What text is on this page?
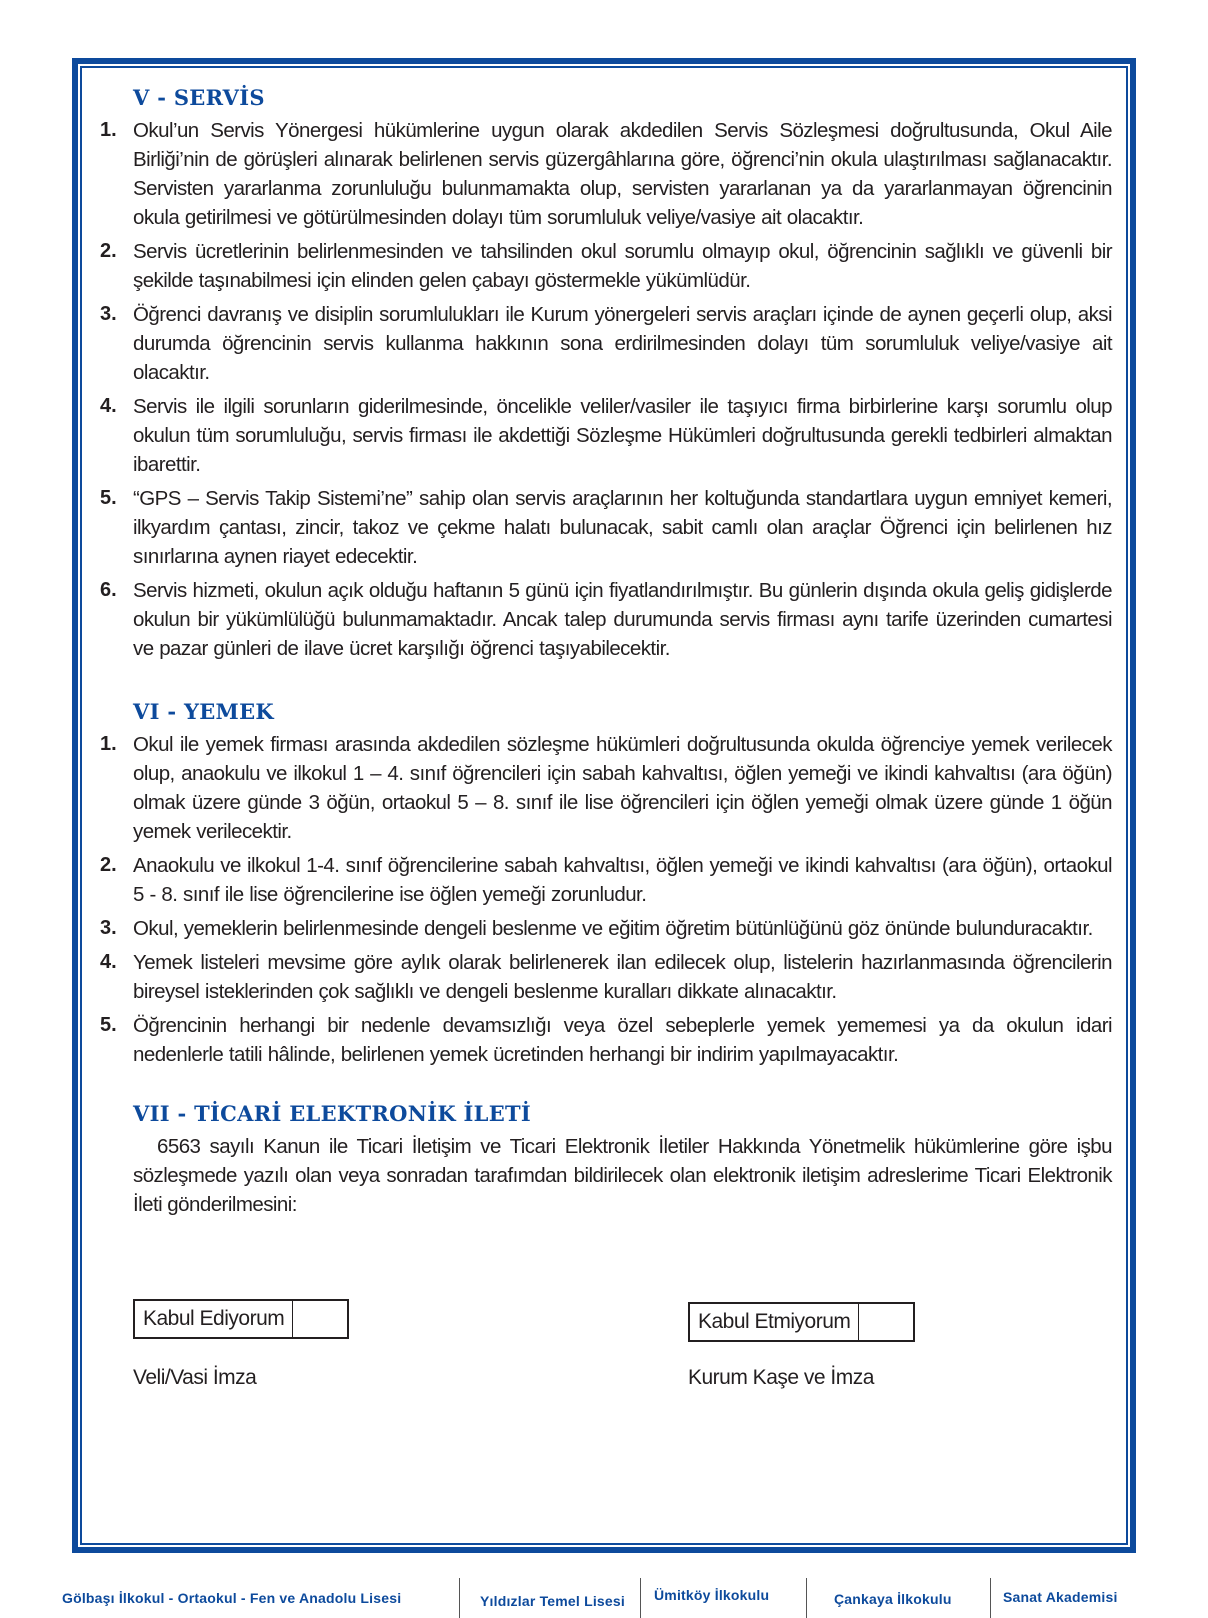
V - SERVİS
1. Okul’un Servis Yönergesi hükümlerine uygun olarak akdedilen Servis Sözleşmesi doğrultusunda, Okul Aile Birliği’nin de görüşleri alınarak belirlenen servis güzergâhlarına göre, öğrenci’nin okula ulaştırılması sağlanacaktır. Servisten yararlanma zorunluluğu bulunmamakta olup, servisten yararlanan ya da yararlanmayan öğrencinin okula getirilmesi ve götürülmesinden dolayı tüm sorumluluk veliye/vasiye ait olacaktır.
2. Servis ücretlerinin belirlenmesinden ve tahsilinden okul sorumlu olmayıp okul, öğrencinin sağlıklı ve güvenli bir şekilde taşınabilmesi için elinden gelen çabayı göstermekle yükümlüdür.
3. Öğrenci davranış ve disiplin sorumlulukları ile Kurum yönergeleri servis araçları içinde de aynen geçerli olup, aksi durumda öğrencinin servis kullanma hakkının sona erdirilmesinden dolayı tüm sorumluluk veliye/vasiye ait olacaktır.
4. Servis ile ilgili sorunların giderilmesinde, öncelikle veliler/vasiler ile taşıyıcı firma birbirlerine karşı sorumlu olup okulun tüm sorumluluğu, servis firması ile akdettiği Sözleşme Hükümleri doğrultusunda gerekli tedbirleri almaktan ibarettir.
5. “GPS – Servis Takip Sistemi’ne” sahip olan servis araçlarının her koltuğunda standartlara uygun emniyet kemeri, ilkyardım çantası, zincir, takoz ve çekme halatı bulunacak, sabit camlı olan araçlar Öğrenci için belirlenen hız sınırlarına aynen riayet edecektir.
6. Servis hizmeti, okulun açık olduğu haftanın 5 günü için fiyatlandırılmıştır. Bu günlerin dışında okula geliş gidişlerde okulun bir yükümlülüğü bulunmamaktadır. Ancak talep durumunda servis firması aynı tarife üzerinden cumartesi ve pazar günleri de ilave ücret karşılığı öğrenci taşıyabilecektir.
VI - YEMEK
1. Okul ile yemek firması arasında akdedilen sözleşme hükümleri doğrultusunda okulda öğrenciye yemek verilecek olup, anaokulu ve ilkokul 1 – 4. sınıf öğrencileri için sabah kahvaltısı, öğlen yemeği ve ikindi kahvaltısı (ara öğün) olmak üzere günde 3 öğün, ortaokul 5 – 8. sınıf ile lise öğrencileri için öğlen yemeği olmak üzere günde 1 öğün yemek verilecektir.
2. Anaokulu ve ilkokul 1-4. sınıf öğrencilerine sabah kahvaltısı, öğlen yemeği ve ikindi kahvaltısı (ara öğün), ortaokul 5 - 8. sınıf ile lise öğrencilerine ise öğlen yemeği zorunludur.
3. Okul, yemeklerin belirlenmesinde dengeli beslenme ve eğitim öğretim bütünlüğünü göz önünde bulunduracaktır.
4. Yemek listeleri mevsime göre aylık olarak belirlenerek ilan edilecek olup, listelerin hazırlanmasında öğrencilerin bireysel isteklerinden çok sağlıklı ve dengeli beslenme kuralları dikkate alınacaktır.
5. Öğrencinin herhangi bir nedenle devamsızlığı veya özel sebeplerle yemek yememesi ya da okulun idari nedenlerle tatili hâlinde, belirlenen yemek ücretinden herhangi bir indirim yapılmayacaktır.
VII - TİCARİ ELEKTRONİK İLETİ
6563 sayılı Kanun ile Ticari İletişim ve Ticari Elektronik İletiler Hakkında Yönetmelik hükümlerine göre işbu sözleşmede yazılı olan veya sonradan tarafımdan bildirilecek olan elektronik iletişim adreslerime Ticari Elektronik İleti gönderilmesini:
Kabul Ediyorum	Kabul Etmiyorum
Veli/Vasi İmza	Kurum Kaşe ve İmza
Gölbaşı İlkokul - Ortaokul - Fen ve Anadolu Lisesi	Yıldızlar Temel Lisesi Ümitköy İlkokulu	Çankaya İlkokulu	Sanat Akademisi
